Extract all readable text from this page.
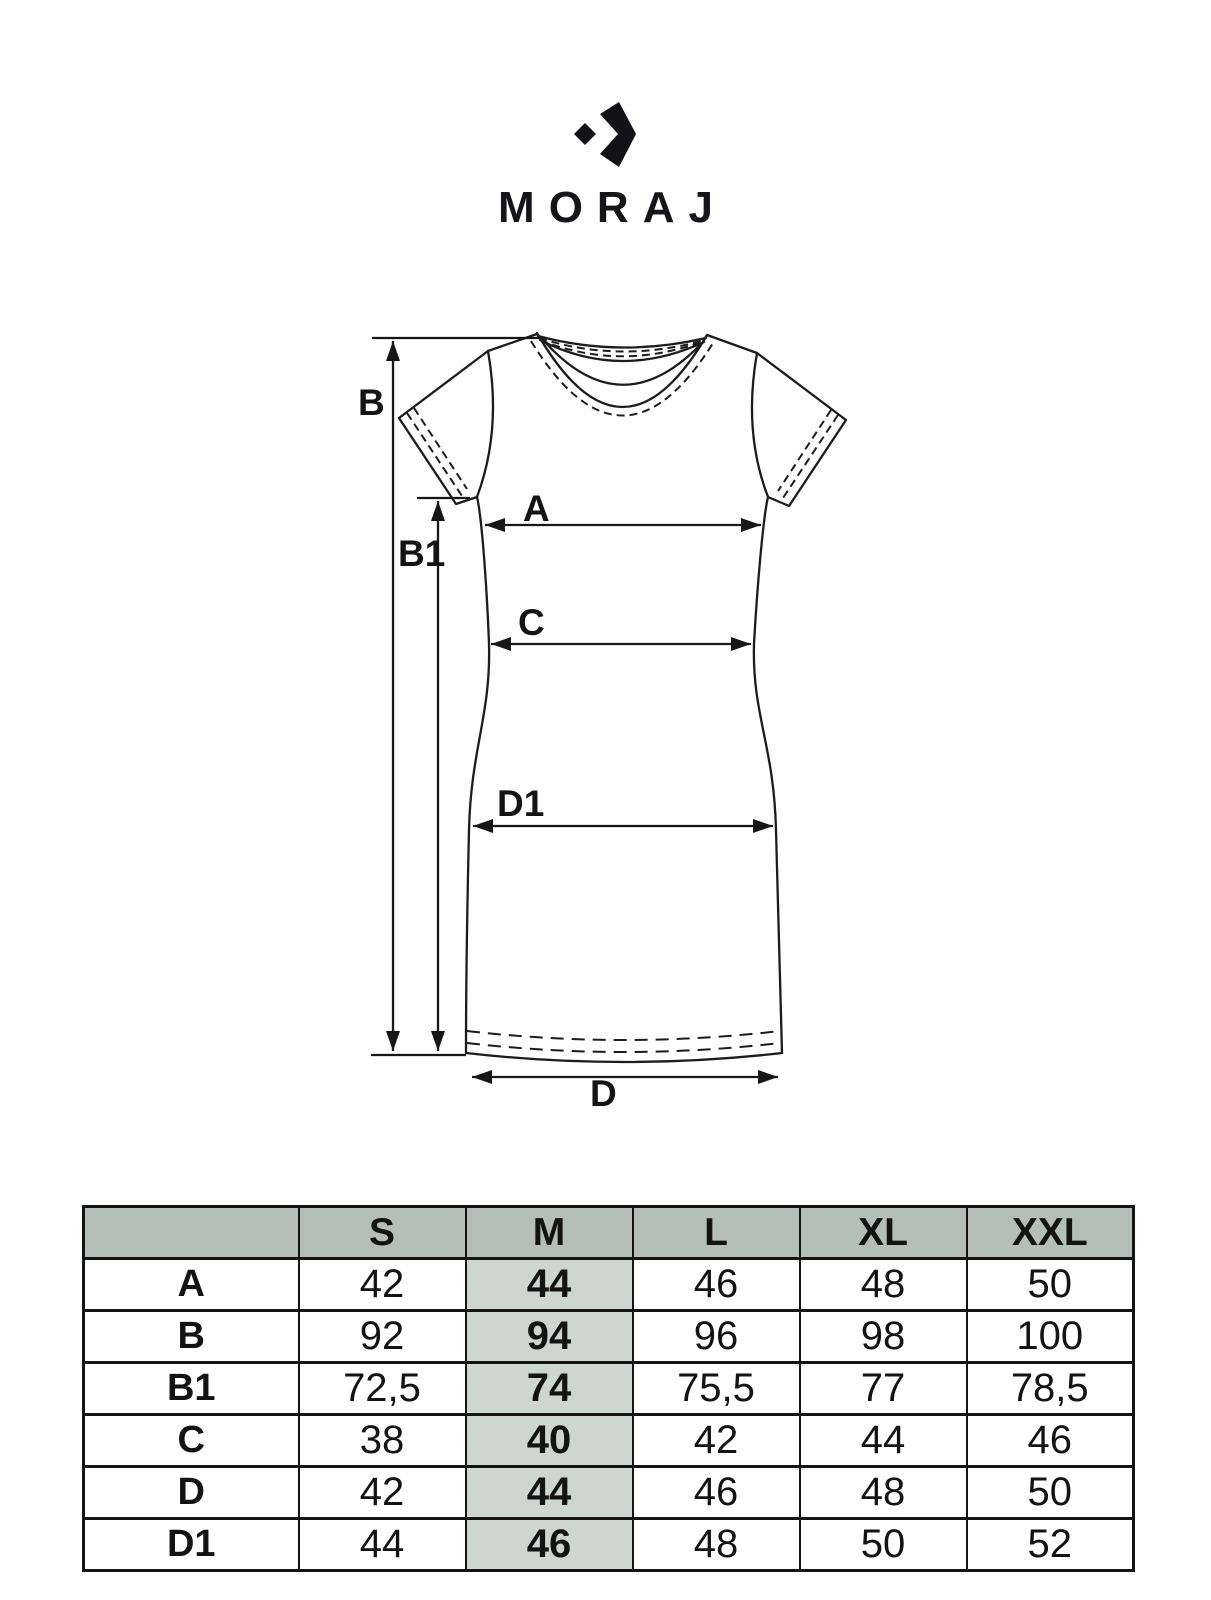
B
B1
A
C
D1
D
MORAJ
	S	M	L	XL	XXL
A	42	44	46	48	50
B	92	94	96	98	100
B1	72,5	74	75,5	77	78,5
C	38	40	42	44	46
D	42	44	46	48	50
D1	44	46	48	50	52
